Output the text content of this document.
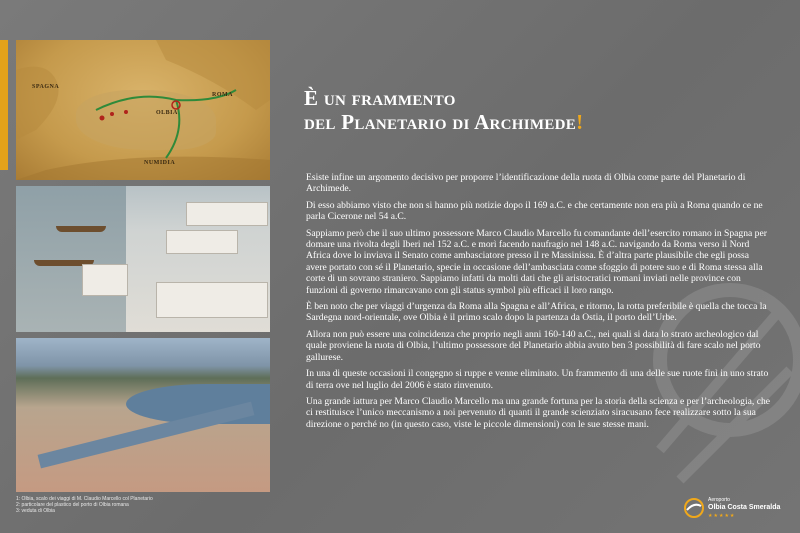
SPAGNA
ROMA
OLBIA
NUMIDIA
1: Olbia, scalo dei viaggi di M. Claudio Marcello col Planetario
2: particolare del plastico del porto di Olbia romana
3: veduta di Olbia
È un frammento
del Planetario di Archimede!

Esiste infine un argomento decisivo per proporre l’identificazione della ruota di Olbia come parte del Planetario di Archimede.

Di esso abbiamo visto che non si hanno più notizie dopo il 169 a.C. e che certamente non era più a Roma quando ce ne parla Cicerone nel 54 a.C.

Sappiamo però che il suo ultimo possessore Marco Claudio Marcello fu comandante dell’esercito romano in Spagna per domare una rivolta degli Iberi nel 152 a.C. e morì facendo naufragio nel 148 a.C. navigando da Roma verso il Nord Africa dove lo inviava il Senato come ambasciatore presso il re Massinissa. È d’altra parte plausibile che egli possa avere portato con sé il Planetario, specie in occasione dell’ambasciata come sfoggio di potere suo e di Roma stessa alla corte di un sovrano straniero. Sappiamo infatti da molti dati che gli aristocratici romani inviati nelle province con funzioni di governo rimarcavano con gli status symbol più efficaci il loro rango.

È ben noto che per viaggi d’urgenza da Roma alla Spagna e all’Africa, e ritorno, la rotta preferibile è quella che tocca la Sardegna nord-orientale, ove Olbia è il primo scalo dopo la partenza da Ostia, il porto dell’Urbe.

Allora non può essere una coincidenza che proprio negli anni 160-140 a.C., nei quali si data lo strato archeologico dal quale proviene la ruota di Olbia, l’ultimo possessore del Planetario abbia avuto ben 3 possibilità di fare scalo nel porto gallurese.

In una di queste occasioni il congegno si ruppe e venne eliminato. Un frammento di una delle sue ruote finì in uno strato di terra ove nel luglio del 2006 è stato rinvenuto.

Una grande iattura per Marco Claudio Marcello ma una grande fortuna per la storia della scienza e per l’archeologia, che ci restituisce l’unico meccanismo a noi pervenuto di quanti il grande scienziato siracusano fece realizzare sotto la sua direzione o perché no (in questo caso, viste le piccole dimensioni) con le sue stesse mani.

Aeroporto
Olbia Costa Smeralda
★★★★★
